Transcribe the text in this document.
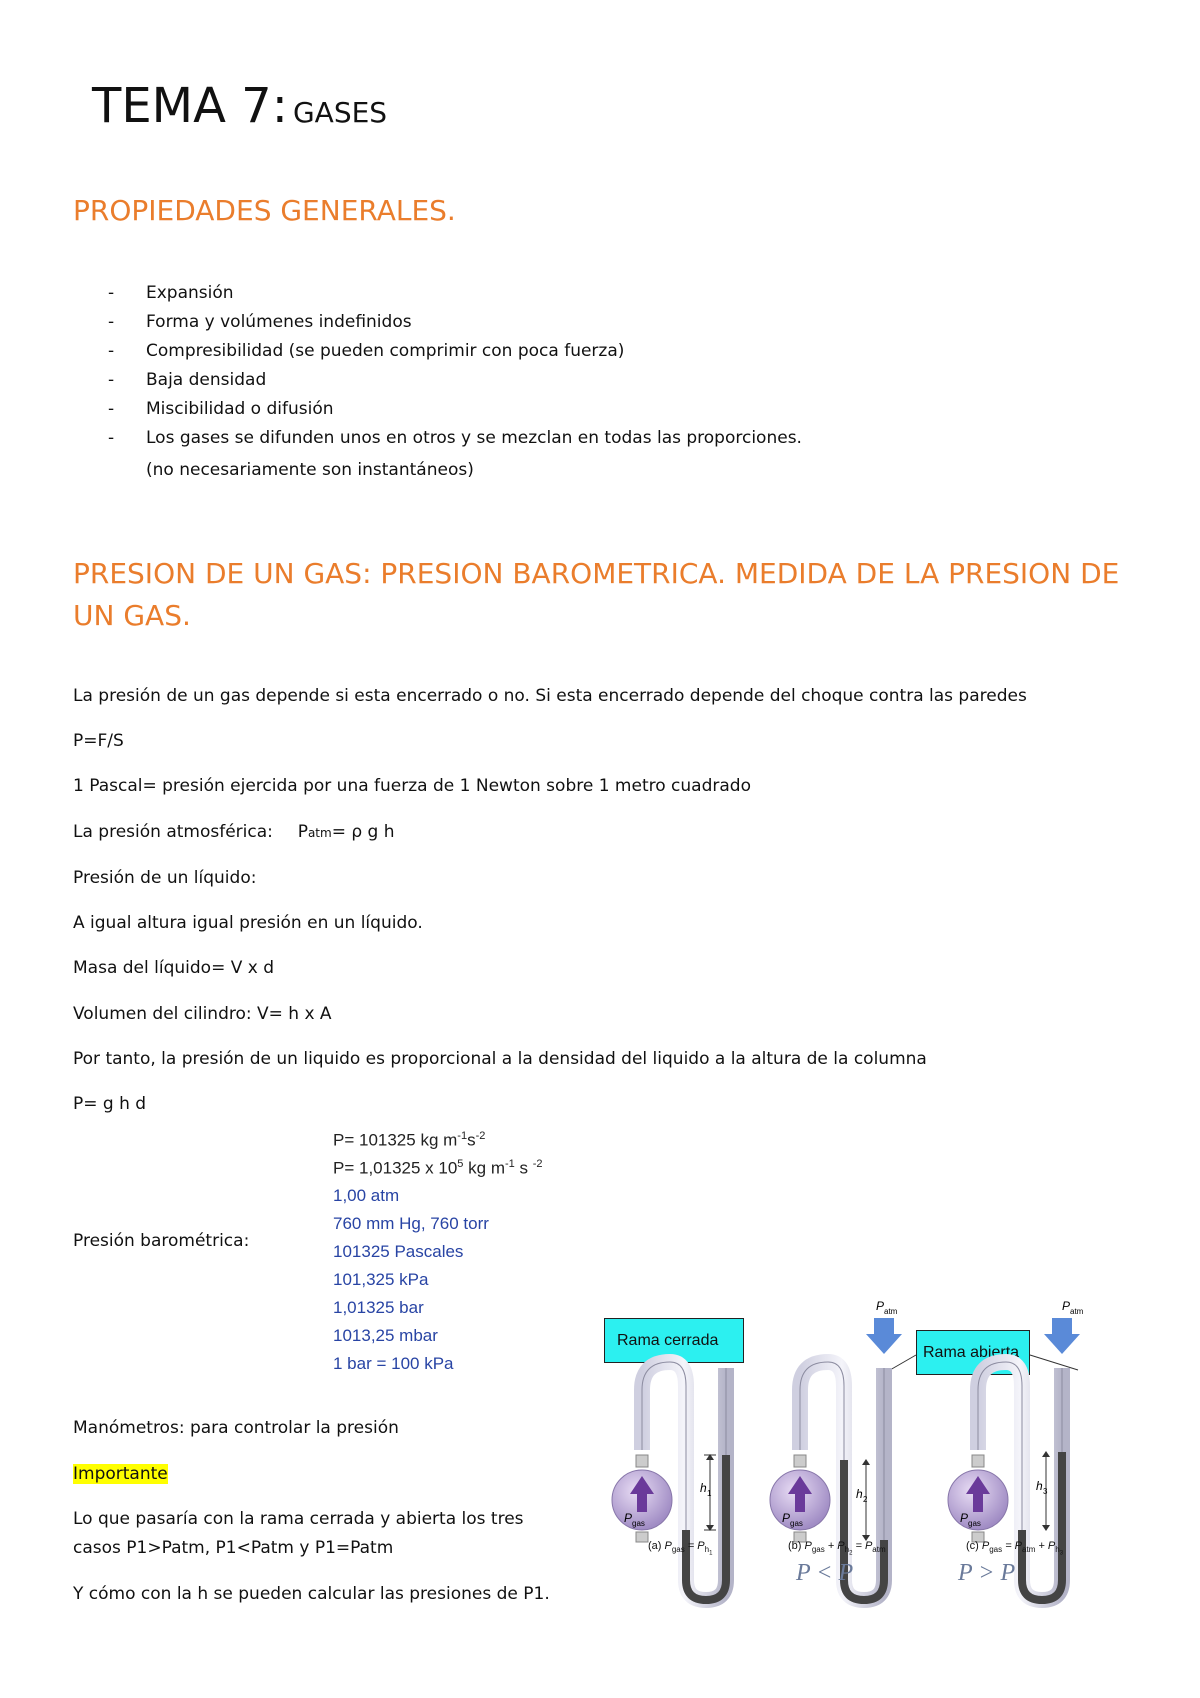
TEMA 7: GASES
PROPIEDADES GENERALES.
- Expansión
- Forma y volúmenes indefinidos
- Compresibilidad (se pueden comprimir con poca fuerza)
- Baja densidad
- Miscibilidad o difusión
- Los gases se difunden unos en otros y se mezclan en todas las proporciones.
(no necesariamente son instantáneos)
PRESION DE UN GAS: PRESION BAROMETRICA. MEDIDA DE LA PRESION DE UN GAS.
La presión de un gas depende si esta encerrado o no. Si esta encerrado depende del choque contra las paredes
P=F/S
1 Pascal= presión ejercida por una fuerza de 1 Newton sobre 1 metro cuadrado
La presión atmosférica: Patm= ρ g h
Presión de un líquido:
A igual altura igual presión en un líquido.
Masa del líquido= V x d
Volumen del cilindro: V= h x A
Por tanto, la presión de un liquido es proporcional a la densidad del liquido a la altura de la columna
P= g h d
Presión barométrica:
P= 101325 kg $m^{-1}s^{-2}$
P= 1,01325 x $10^5$ kg $m^{-1}$ s $^{-2}$
1,00 atm
760 mm Hg, 760 torr
101325 Pascales
101,325 kPa
1,01325 bar
1013,25 mbar
1 bar = 100 kPa
Manómetros: para controlar la presión
Importante
Lo que pasaría con la rama cerrada y abierta los tres
casos P1>Patm, P1<Patm y P1=Patm
Y cómo con la h se pueden calcular las presiones de P1.
Rama cerrada
Rama abierta
h 1
P gas
h 2
P gas
P atm
h 3
P gas
P atm
(a) $P_{gas} = P_{h_1}$
(b) $P_{gas} + P_{h_2} = P_{atm}$	(c) $P_{gas} = P_{atm} + P_{h_3}$
P < P	P > P
